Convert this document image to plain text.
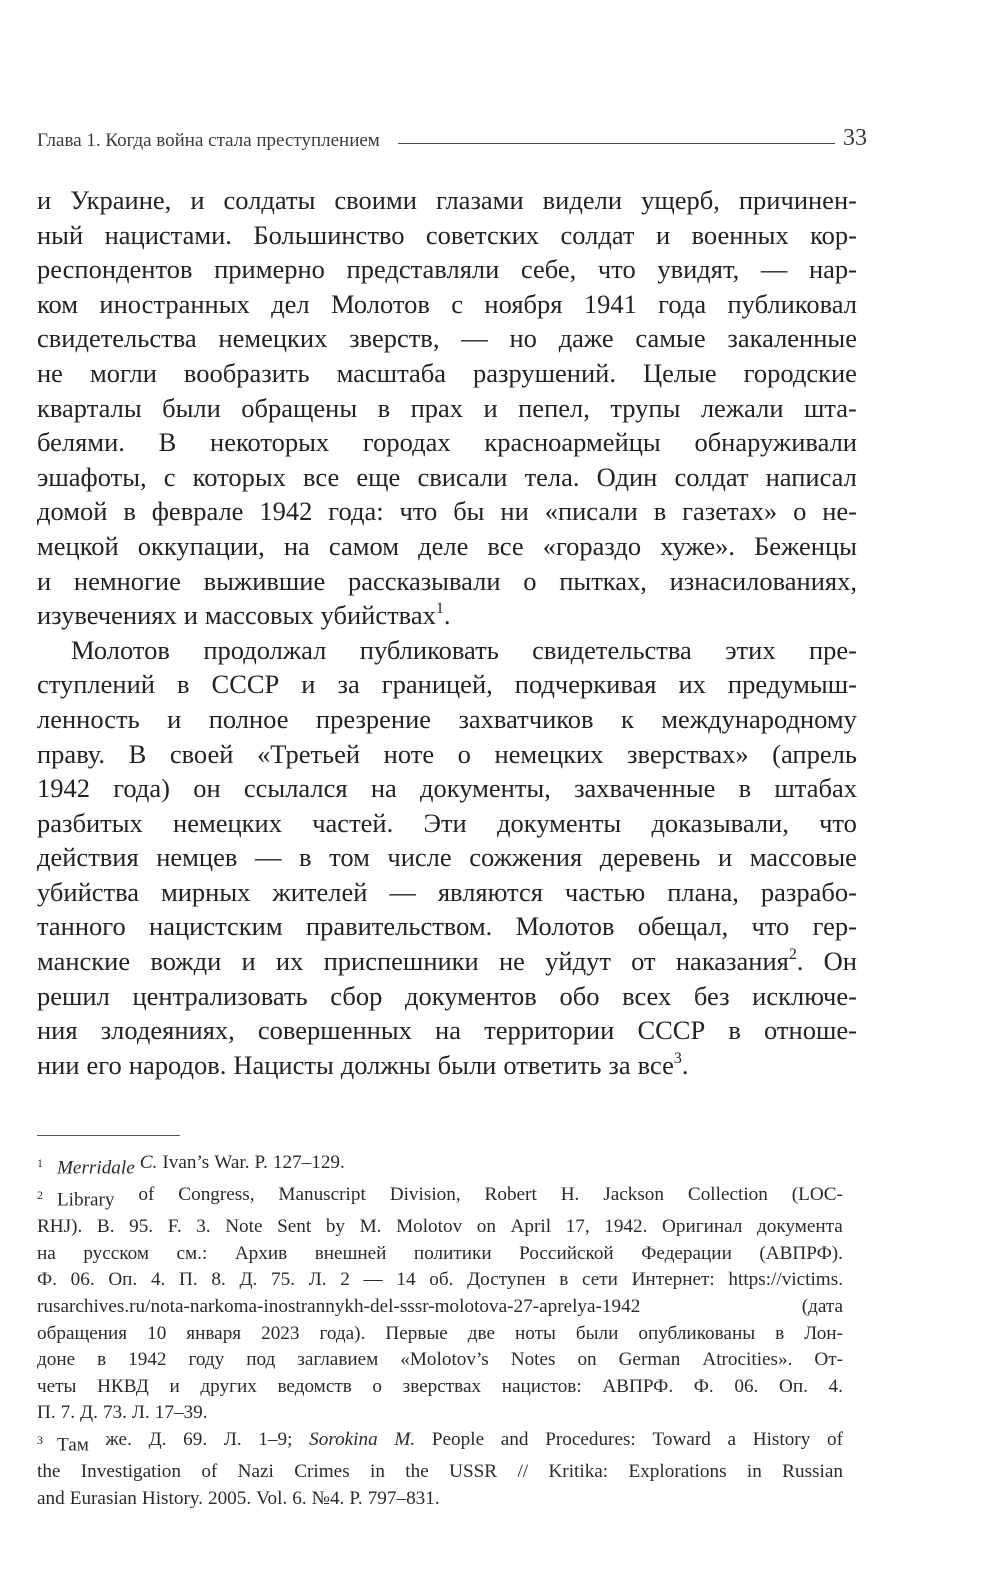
Глава 1. Когда война стала преступлением	33
и Украине, и солдаты своими глазами видели ущерб, причинен-
ный нацистами. Большинство советских солдат и военных кор-
респондентов примерно представляли себе, что увидят, — нар-
ком иностранных дел Молотов с ноября 1941 года публиковал
свидетельства немецких зверств, — но даже самые закаленные
не могли вообразить масштаба разрушений. Целые городские
кварталы были обращены в прах и пепел, трупы лежали шта-
белями. В некоторых городах красноармейцы обнаруживали
эшафоты, с которых все еще свисали тела. Один солдат написал
домой в феврале 1942 года: что бы ни «писали в газетах» о не-
мецкой оккупации, на самом деле все «гораздо хуже». Беженцы
и немногие выжившие рассказывали о пытках, изнасилованиях,
изувечениях и массовых убийствах$^1$.
Молотов продолжал публиковать свидетельства этих пре-
ступлений в СССР и за границей, подчеркивая их предумыш-
ленность и полное презрение захватчиков к международному
праву. В своей «Третьей ноте о немецких зверствах» (апрель
1942 года) он ссылался на документы, захваченные в штабах
разбитых немецких частей. Эти документы доказывали, что
действия немцев — в том числе сожжения деревень и массовые
убийства мирных жителей — являются частью плана, разрабо-
танного нацистским правительством. Молотов обещал, что гер-
манские вожди и их приспешники не уйдут от наказания$^2$. Он
решил централизовать сбор документов обо всех без исключе-
ния злодеяниях, совершенных на территории СССР в отноше-
нии его народов. Нацисты должны были ответить за все$^3$.
$^1$ Merridale C. Ivan’s War. P. 127–129.
$^2$ Library of Congress, Manuscript Division, Robert H. Jackson Collection (LOC-
RHJ). B. 95. F. 3. Note Sent by M. Molotov on April 17, 1942. Оригинал документа
на русском см.: Архив внешней политики Российской Федерации (АВПРФ).
Ф. 06. Оп. 4. П. 8. Д. 75. Л. 2 — 14 об. Доступен в сети Интернет: https://victims.
rusarchives.ru/nota-narkoma-inostrannykh-del-sssr-molotova-27-aprelya-1942	(дата
обращения 10 января 2023 года). Первые две ноты были опубликованы в Лон-
доне в 1942 году под заглавием «Molotov’s Notes on German Atrocities». От-
четы НКВД и других ведомств о зверствах нацистов: АВПРФ. Ф. 06. Оп. 4.
П. 7. Д. 73. Л. 17–39.
$^3$ Там же. Д. 69. Л. 1–9; Sorokina M. People and Procedures: Toward a History of
the Investigation of Nazi Crimes in the USSR // Kritika: Explorations in Russian
and Eurasian History. 2005. Vol. 6. №4. P. 797–831.
